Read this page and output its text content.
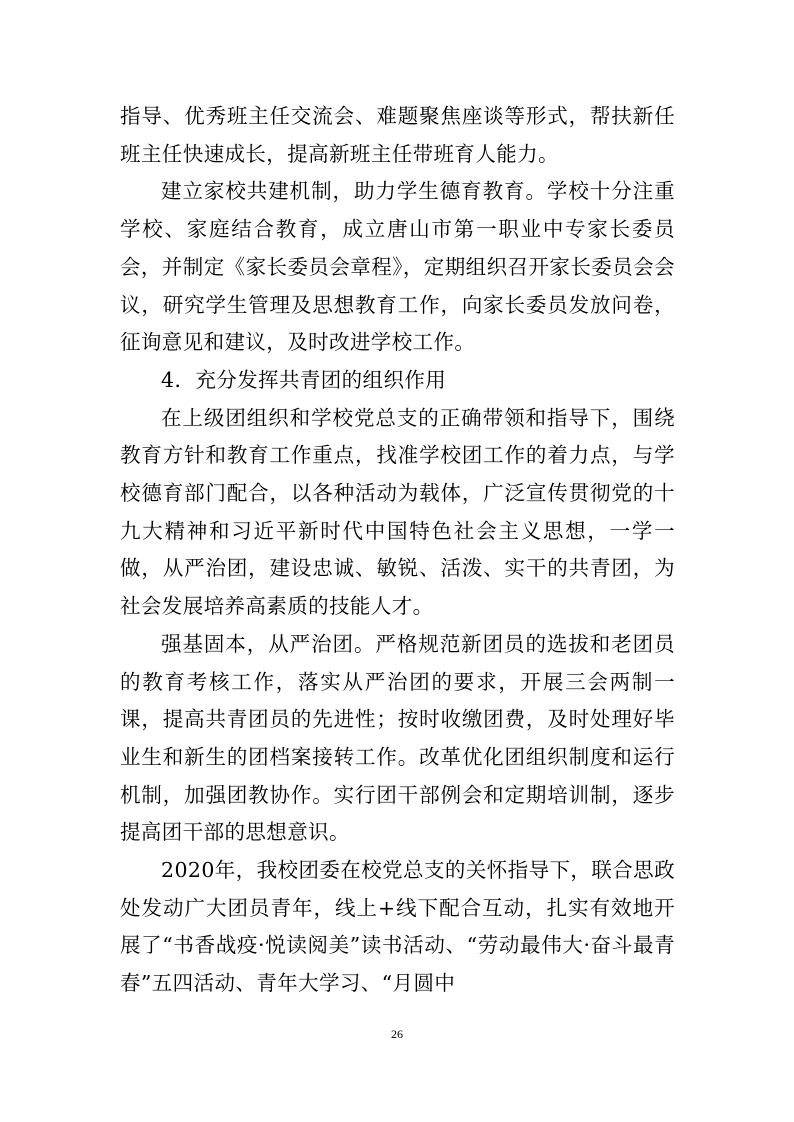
指导、优秀班主任交流会、难题聚焦座谈等形式，帮扶新任班主任快速成长，提高新班主任带班育人能力。

建立家校共建机制，助力学生德育教育。学校十分注重学校、家庭结合教育，成立唐山市第一职业中专家长委员会，并制定《家长委员会章程》，定期组织召开家长委员会会议，研究学生管理及思想教育工作，向家长委员发放问卷，征询意见和建议，及时改进学校工作。

4．充分发挥共青团的组织作用

在上级团组织和学校党总支的正确带领和指导下，围绕教育方针和教育工作重点，找准学校团工作的着力点，与学校德育部门配合，以各种活动为载体，广泛宣传贯彻党的十九大精神和习近平新时代中国特色社会主义思想，一学一做，从严治团，建设忠诚、敏锐、活泼、实干的共青团，为社会发展培养高素质的技能人才。

强基固本，从严治团。严格规范新团员的选拔和老团员的教育考核工作，落实从严治团的要求，开展三会两制一课，提高共青团员的先进性；按时收缴团费，及时处理好毕业生和新生的团档案接转工作。改革优化团组织制度和运行机制，加强团教协作。实行团干部例会和定期培训制，逐步提高团干部的思想意识。

2020年，我校团委在校党总支的关怀指导下，联合思政处发动广大团员青年，线上+线下配合互动，扎实有效地开展了“书香战疫·悦读阅美”读书活动、“劳动最伟大·奋斗最青春”五四活动、青年大学习、“月圆中

26
